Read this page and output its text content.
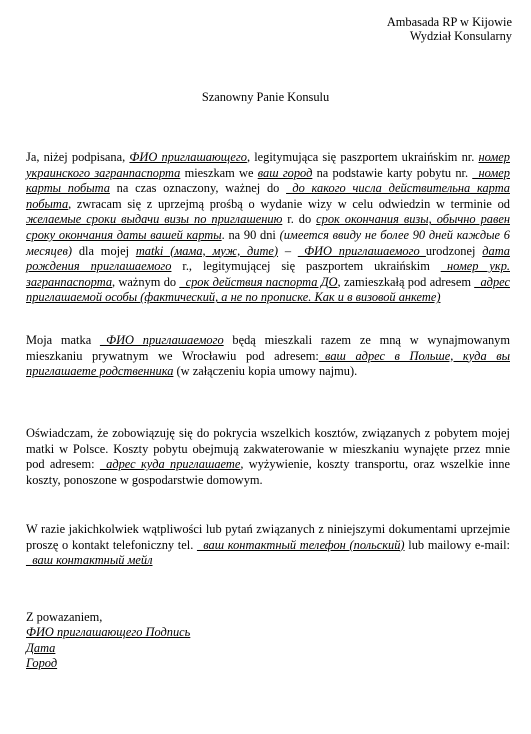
Ambasada RP w Kijowie
Wydział Konsularny
Szanowny Panie Konsulu
Ja, niżej podpisana, ФИО приглашающего, legitymująca się paszportem ukraińskim nr. номер украинского загранпаспорта mieszkam we ваш город na podstawie karty pobytu nr. _номер карты побыта na czas oznaczony, ważnej do _до какого числа действительна карта побыта, zwracam się z uprzejmą prośbą o wydanie wizy w celu odwiedzin w terminie od желаемые сроки выдачи визы по приглашению r. do срок окончания визы, обычно равен сроку окончания даты вашей карты. na 90 dni (имеется ввиду не более 90 дней каждые 6 месяцев) dla mojej matki (мама, муж, дите) – _ФИО приглашаемого_urodzonej дата рождения приглашаемого r., legitymującej się paszportem ukraińskim _номер укр. загранпаспорта, ważnym do _срок действия паспорта ДО, zamieszkałą pod adresem _адрес приглашаемой особы (фактический, а не по прописке. Как и в визовой анкете)
Moja matka _ФИО приглашаемого będą mieszkali razem ze mną w wynajmowanym mieszkaniu prywatnym we Wrocławiu pod adresem:_ваш адрес в Польше, куда вы приглашаете родственника (w załączeniu kopia umowy najmu).
Oświadczam, że zobowiązuję się do pokrycia wszelkich kosztów, związanych z pobytem mojej matki w Polsce. Koszty pobytu obejmują zakwaterowanie w mieszkaniu wynajęte przez mnie pod adresem: _адрес куда приглашаете, wyżywienie, koszty transportu, oraz wszelkie inne koszty, ponoszone w gospodarstwie domowym.
W razie jakichkolwiek wątpliwości lub pytań związanych z niniejszymi dokumentami uprzejmie proszę o kontakt telefoniczny tel. _ваш контактный телефон (польский) lub mailowy e-mail: _ваш контактный мейл
Z powazaniem,
ФИО приглашающего Подпись
Дата
Город
